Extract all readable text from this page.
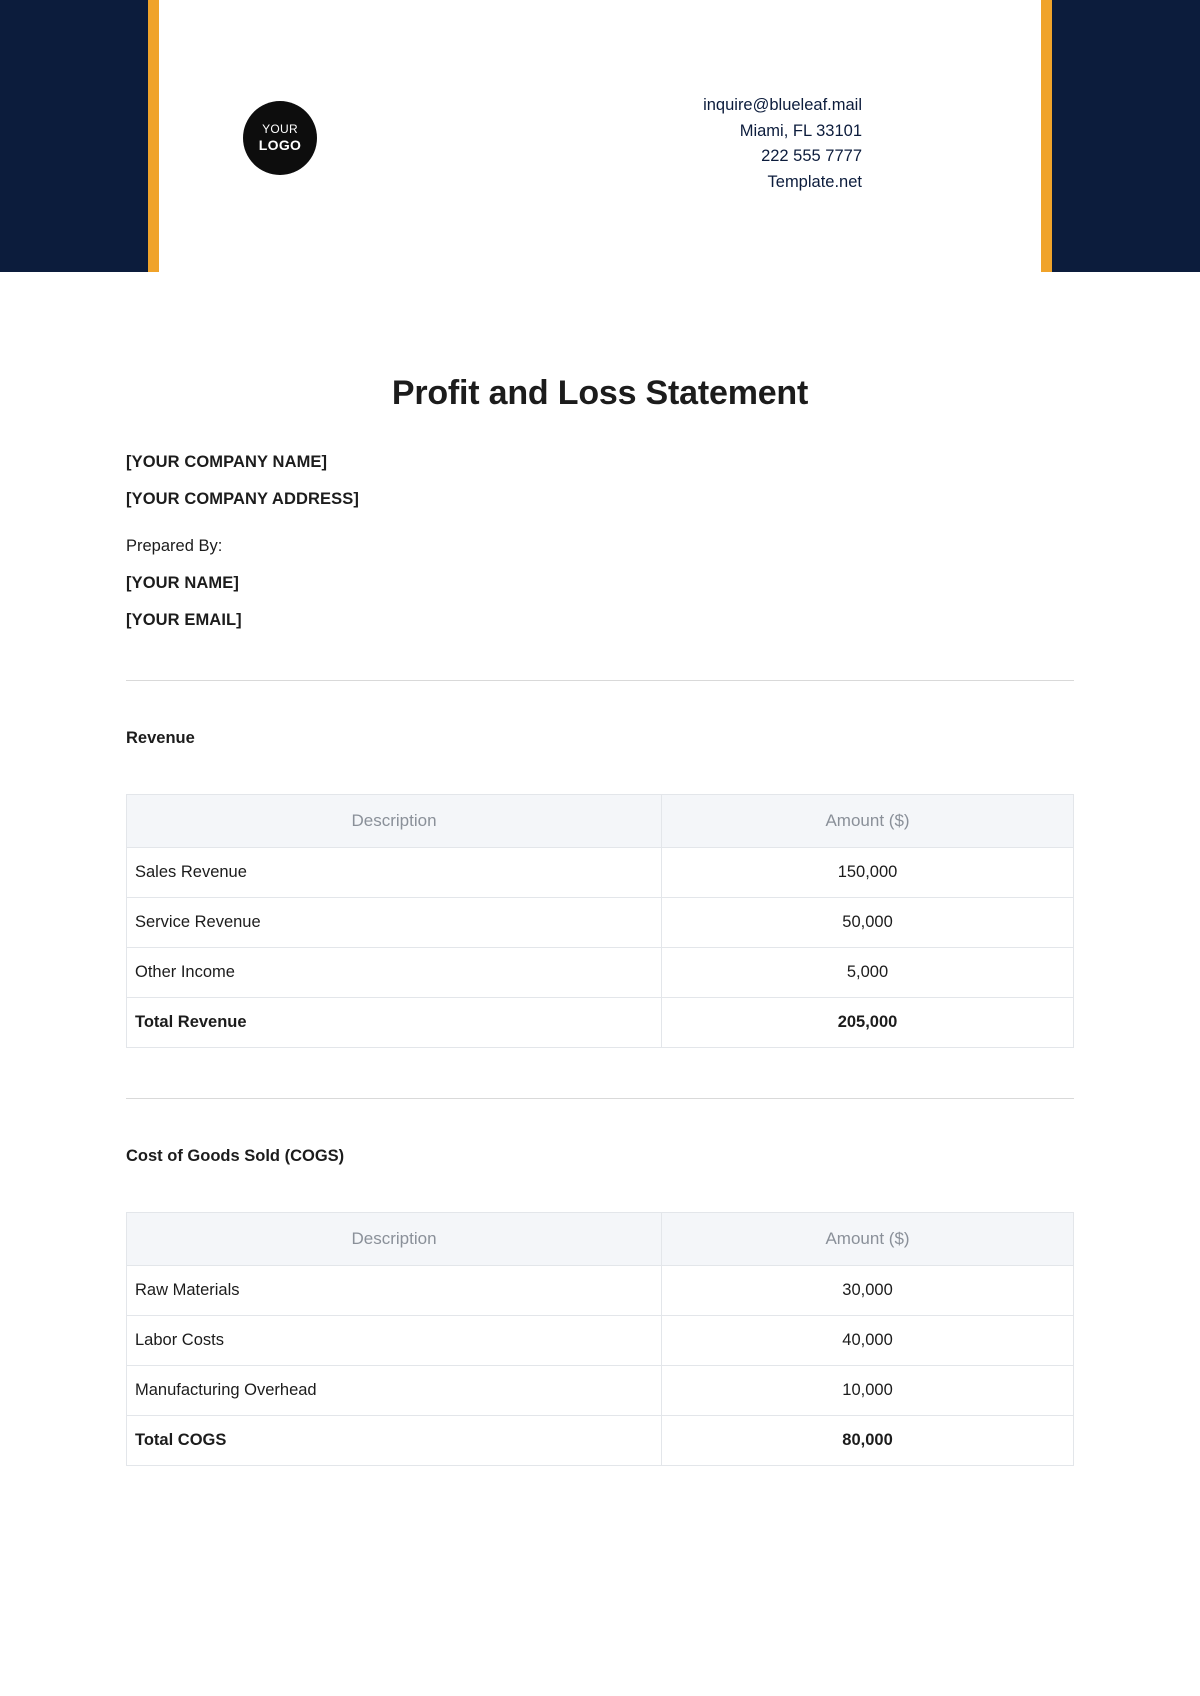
YOUR
LOGO
inquire@blueleaf.mail
Miami, FL 33101
222 555 7777
Template.net
Profit and Loss Statement
[YOUR COMPANY NAME]
[YOUR COMPANY ADDRESS]
Prepared By:
[YOUR NAME]
[YOUR EMAIL]
Revenue
Description	Amount ($)
Sales Revenue	150,000
Service Revenue	50,000
Other Income	5,000
Total Revenue	205,000
Cost of Goods Sold (COGS)
Description	Amount ($)
Raw Materials	30,000
Labor Costs	40,000
Manufacturing Overhead	10,000
Total COGS	80,000
